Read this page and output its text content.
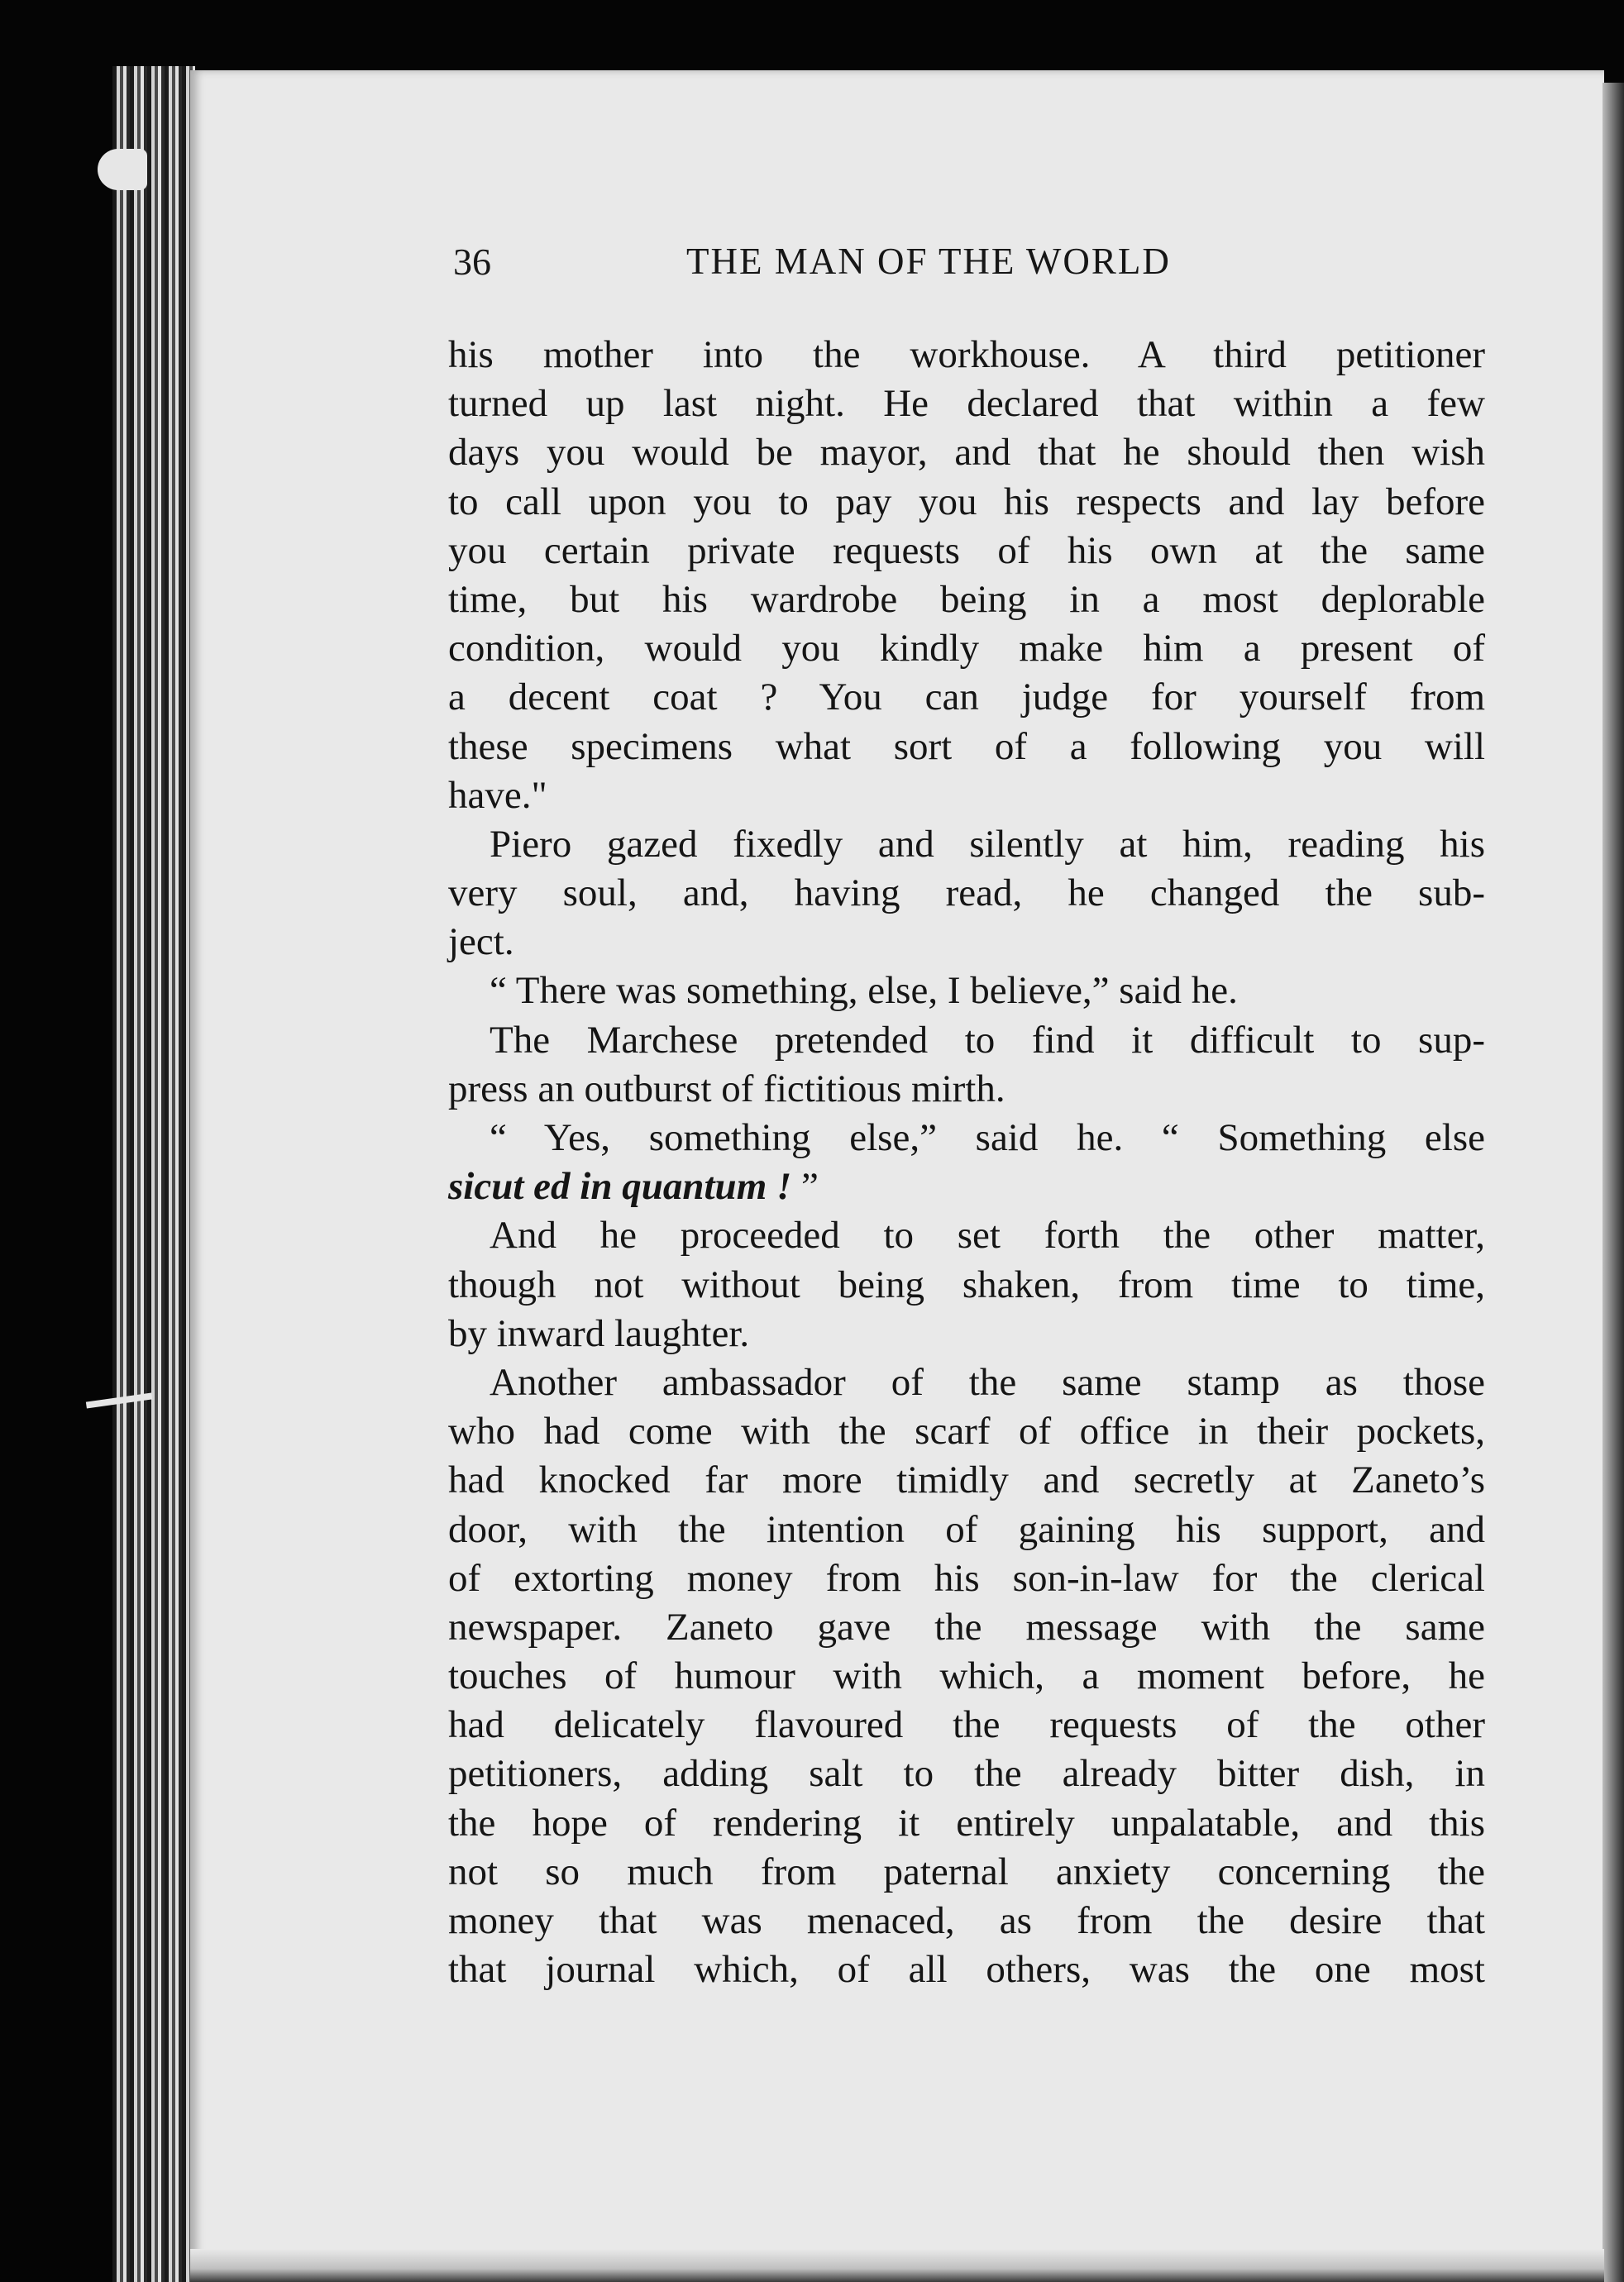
36	THE MAN OF THE WORLD
his mother into the workhouse. A third petitioner
turned up last night. He declared that within a few
days you would be mayor, and that he should then wish
to call upon you to pay you his respects and lay before
you certain private requests of his own at the same
time, but his wardrobe being in a most deplorable
condition, would you kindly make him a present of
a decent coat ? You can judge for yourself from
these specimens what sort of a following you will
have."
Piero gazed fixedly and silently at him, reading his
very soul, and, having read, he changed the sub-
ject.
“ There was something, else, I believe,” said he.
The Marchese pretended to find it difficult to sup-
press an outburst of fictitious mirth.
“ Yes, something else,” said he. “ Something else
sicut ed in quantum ! ”
And he proceeded to set forth the other matter,
though not without being shaken, from time to time,
by inward laughter.
Another ambassador of the same stamp as those
who had come with the scarf of office in their pockets,
had knocked far more timidly and secretly at Zaneto’s
door, with the intention of gaining his support, and
of extorting money from his son-in-law for the clerical
newspaper. Zaneto gave the message with the same
touches of humour with which, a moment before, he
had delicately flavoured the requests of the other
petitioners, adding salt to the already bitter dish, in
the hope of rendering it entirely unpalatable, and this
not so much from paternal anxiety concerning the
money that was menaced, as from the desire that
that journal which, of all others, was the one most
